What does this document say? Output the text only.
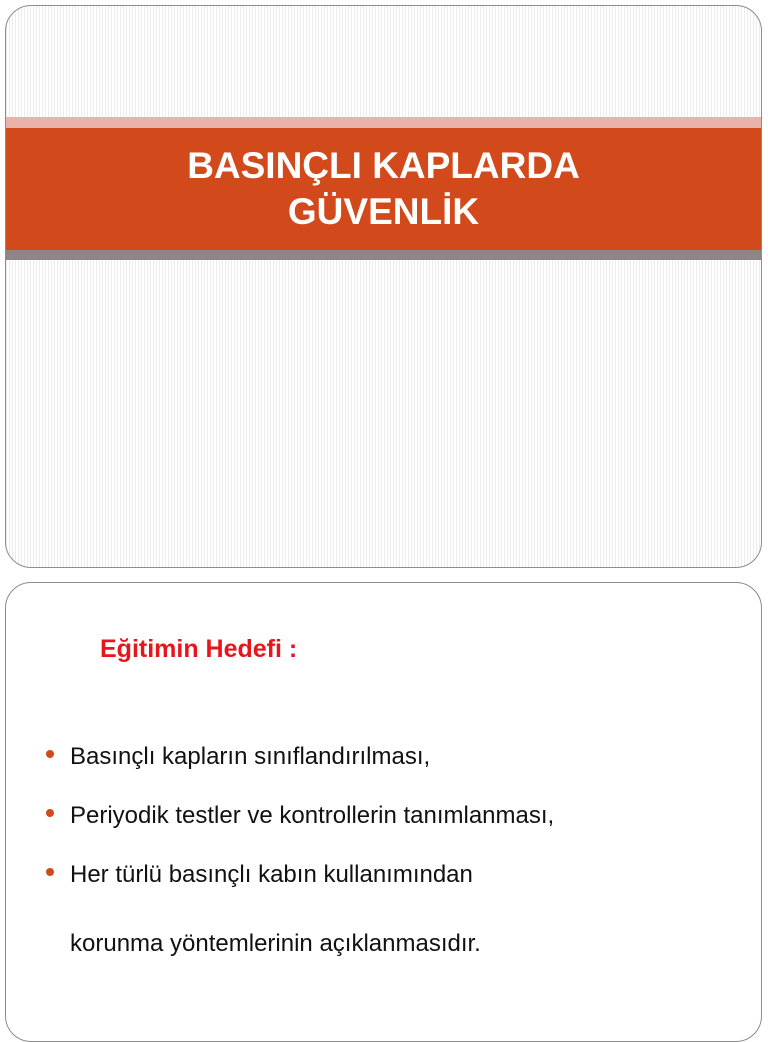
BASINÇLI KAPLARDA
GÜVENLİK
Eğitimin Hedefi :
Basınçlı kapların sınıflandırılması,
Periyodik testler ve kontrollerin tanımlanması,
Her türlü basınçlı kabın kullanımından
korunma yöntemlerinin açıklanmasıdır.
